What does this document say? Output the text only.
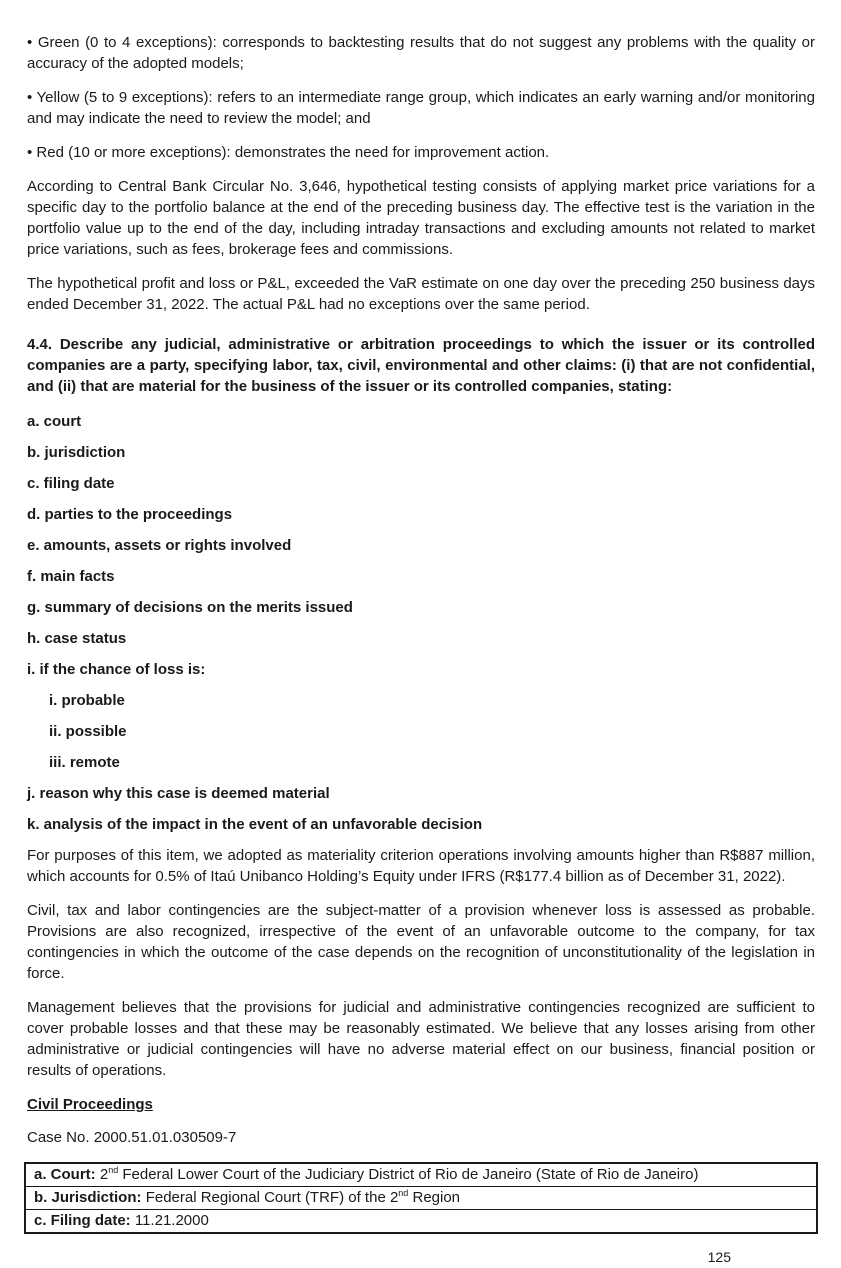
• Green (0 to 4 exceptions): corresponds to backtesting results that do not suggest any problems with the quality or accuracy of the adopted models;

• Yellow (5 to 9 exceptions): refers to an intermediate range group, which indicates an early warning and/or monitoring and may indicate the need to review the model; and

• Red (10 or more exceptions): demonstrates the need for improvement action.

According to Central Bank Circular No. 3,646, hypothetical testing consists of applying market price variations for a specific day to the portfolio balance at the end of the preceding business day. The effective test is the variation in the portfolio value up to the end of the day, including intraday transactions and excluding amounts not related to market price variations, such as fees, brokerage fees and commissions.

The hypothetical profit and loss or P&L, exceeded the VaR estimate on one day over the preceding 250 business days ended December 31, 2022. The actual P&L had no exceptions over the same period.

4.4. Describe any judicial, administrative or arbitration proceedings to which the issuer or its controlled companies are a party, specifying labor, tax, civil, environmental and other claims: (i) that are not confidential, and (ii) that are material for the business of the issuer or its controlled companies, stating:

a. court

b. jurisdiction

c. filing date

d. parties to the proceedings

e. amounts, assets or rights involved

f. main facts

g. summary of decisions on the merits issued

h. case status

i. if the chance of loss is:

i. probable

ii. possible

iii. remote

j. reason why this case is deemed material

k. analysis of the impact in the event of an unfavorable decision

For purposes of this item, we adopted as materiality criterion operations involving amounts higher than R$887 million, which accounts for 0.5% of Itaú Unibanco Holding’s Equity under IFRS (R$177.4 billion as of December 31, 2022).

Civil, tax and labor contingencies are the subject-matter of a provision whenever loss is assessed as probable. Provisions are also recognized, irrespective of the event of an unfavorable outcome to the company, for tax contingencies in which the outcome of the case depends on the recognition of unconstitutionality of the legislation in force.

Management believes that the provisions for judicial and administrative contingencies recognized are sufficient to cover probable losses and that these may be reasonably estimated. We believe that any losses arising from other administrative or judicial contingencies will have no adverse material effect on our business, financial position or results of operations.

Civil Proceedings

Case No. 2000.51.01.030509-7

a. Court: 2nd Federal Lower Court of the Judiciary District of Rio de Janeiro (State of Rio de Janeiro)
b. Jurisdiction: Federal Regional Court (TRF) of the 2nd Region
c. Filing date: 11.21.2000
125
